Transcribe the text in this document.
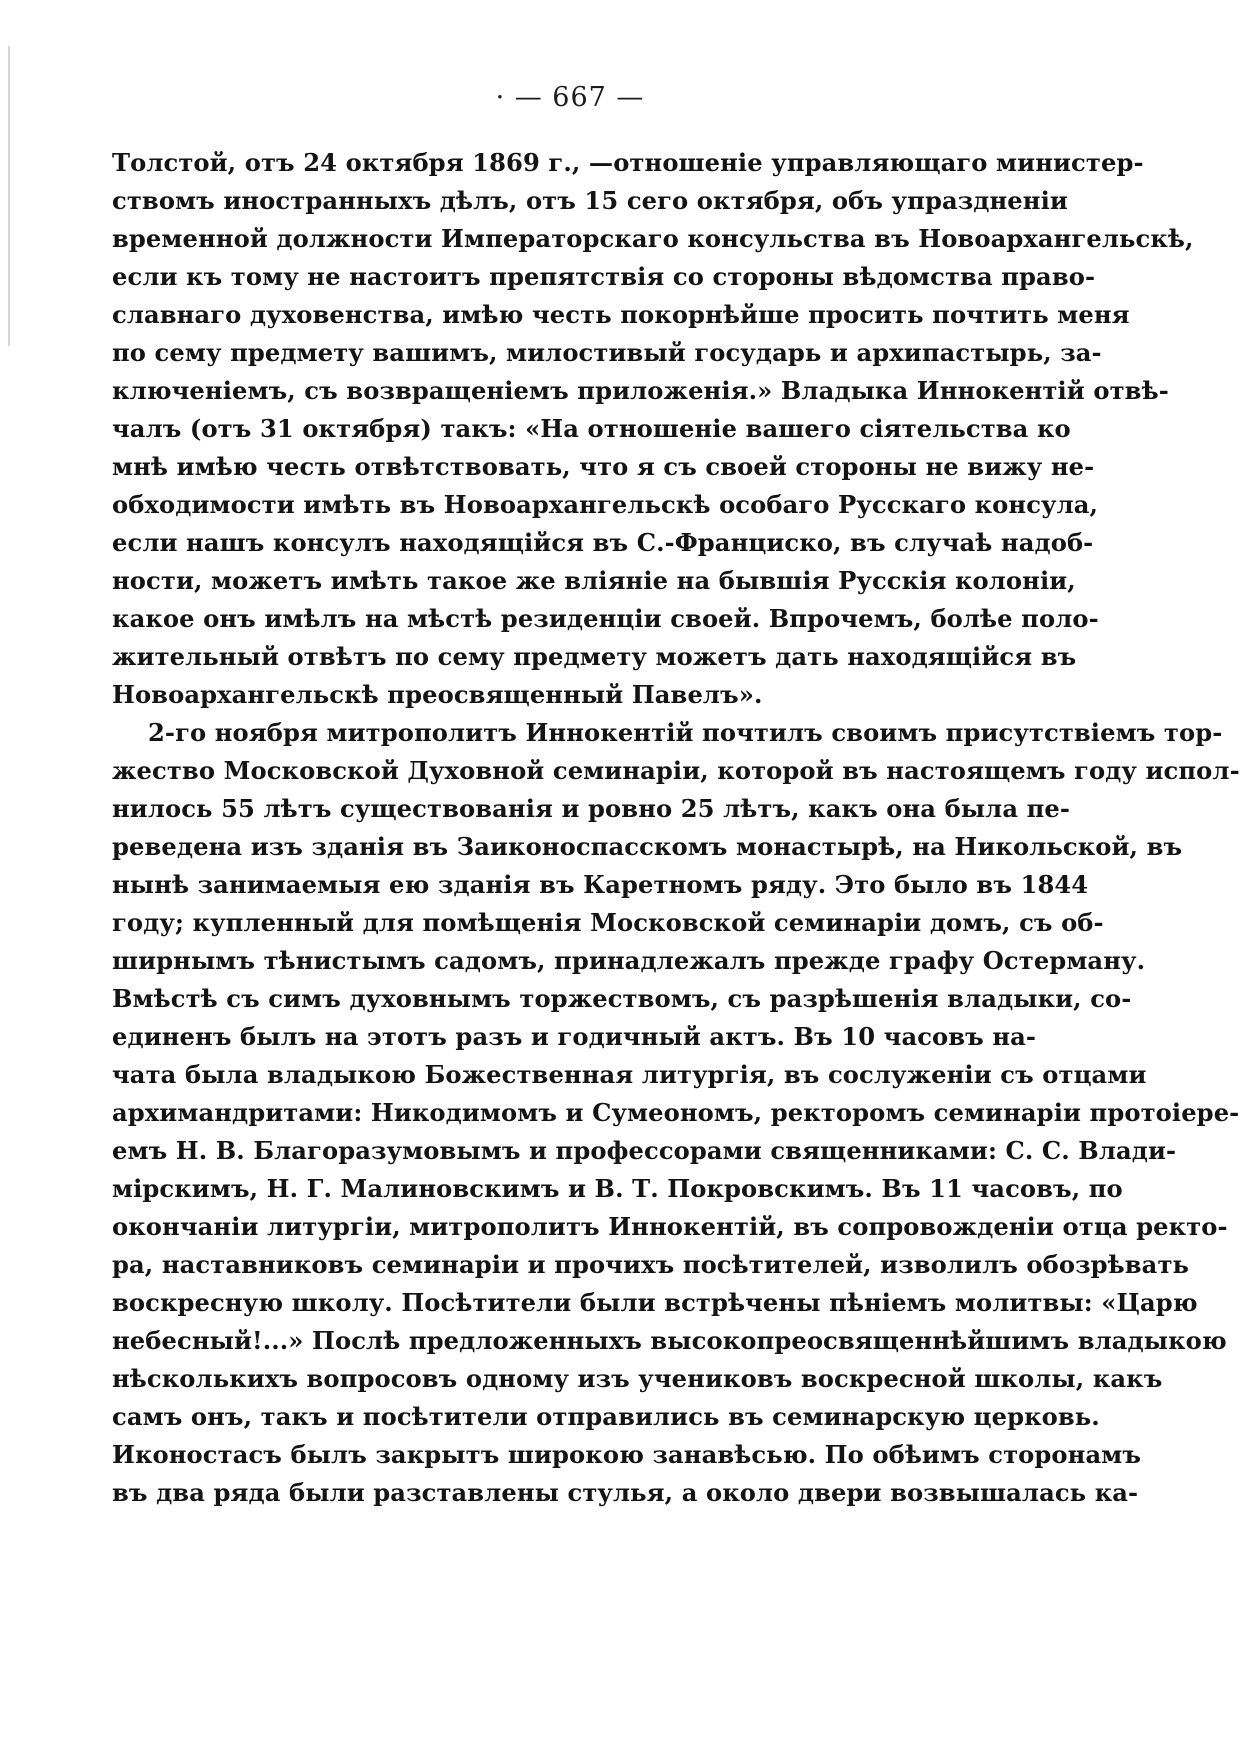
· — 667 —
Толстой, отъ 24 октября 1869 г., —отношеніе управляющаго министер-
ствомъ иностранныхъ дѣлъ, отъ 15 сего октября, объ упраздненіи
временной должности Императорскаго консульства въ Новоархангельскѣ,
если къ тому не настоитъ препятствія со стороны вѣдомства право-
славнаго духовенства, имѣю честь покорнѣйше просить почтить меня
по сему предмету вашимъ, милостивый государь и архипастырь, за-
ключеніемъ, съ возвращеніемъ приложенія.» Владыка Иннокентій отвѣ-
чалъ (отъ 31 октября) такъ: «На отношеніе вашего сіятельства ко
мнѣ имѣю честь отвѣтствовать, что я съ своей стороны не вижу не-
обходимости имѣть въ Новоархангельскѣ особаго Русскаго консула,
если нашъ консулъ находящійся въ С.-Франциско, въ случаѣ надоб-
ности, можетъ имѣть такое же вліяніе на бывшія Русскія колоніи,
какое онъ имѣлъ на мѣстѣ резиденціи своей. Впрочемъ, болѣе поло-
жительный отвѣтъ по сему предмету можетъ дать находящійся въ
Новоархангельскѣ преосвященный Павелъ».
2-го ноября митрополитъ Иннокентій почтилъ своимъ присутствіемъ тор-
жество Московской Духовной семинаріи, которой въ настоящемъ году испол-
нилось 55 лѣтъ существованія и ровно 25 лѣтъ, какъ она была пе-
реведена изъ зданія въ Заиконоспасскомъ монастырѣ, на Никольской, въ
нынѣ занимаемыя ею зданія въ Каретномъ ряду. Это было въ 1844
году; купленный для помѣщенія Московской семинаріи домъ, съ об-
ширнымъ тѣнистымъ садомъ, принадлежалъ прежде графу Остерману.
Вмѣстѣ съ симъ духовнымъ торжествомъ, съ разрѣшенія владыки, со-
единенъ былъ на этотъ разъ и годичный актъ. Въ 10 часовъ на-
чата была владыкою Божественная литургія, въ сослуженіи съ отцами
архимандритами: Никодимомъ и Сумеономъ, ректоромъ семинаріи протоіере-
емъ Н. В. Благоразумовымъ и профессорами священниками: С. С. Влади-
мірскимъ, Н. Г. Малиновскимъ и В. Т. Покровскимъ. Въ 11 часовъ, по
окончаніи литургіи, митрополитъ Иннокентій, въ сопровожденіи отца ректо-
ра, наставниковъ семинаріи и прочихъ посѣтителей, изволилъ обозрѣвать
воскресную школу. Посѣтители были встрѣчены пѣніемъ молитвы: «Царю
небесный!...» Послѣ предложенныхъ высокопреосвященнѣйшимъ владыкою
нѣсколькихъ вопросовъ одному изъ учениковъ воскресной школы, какъ
самъ онъ, такъ и посѣтители отправились въ семинарскую церковь.
Иконостасъ былъ закрытъ широкою занавѣсью. По обѣимъ сторонамъ
въ два ряда были разставлены стулья, а около двери возвышалась ка-
